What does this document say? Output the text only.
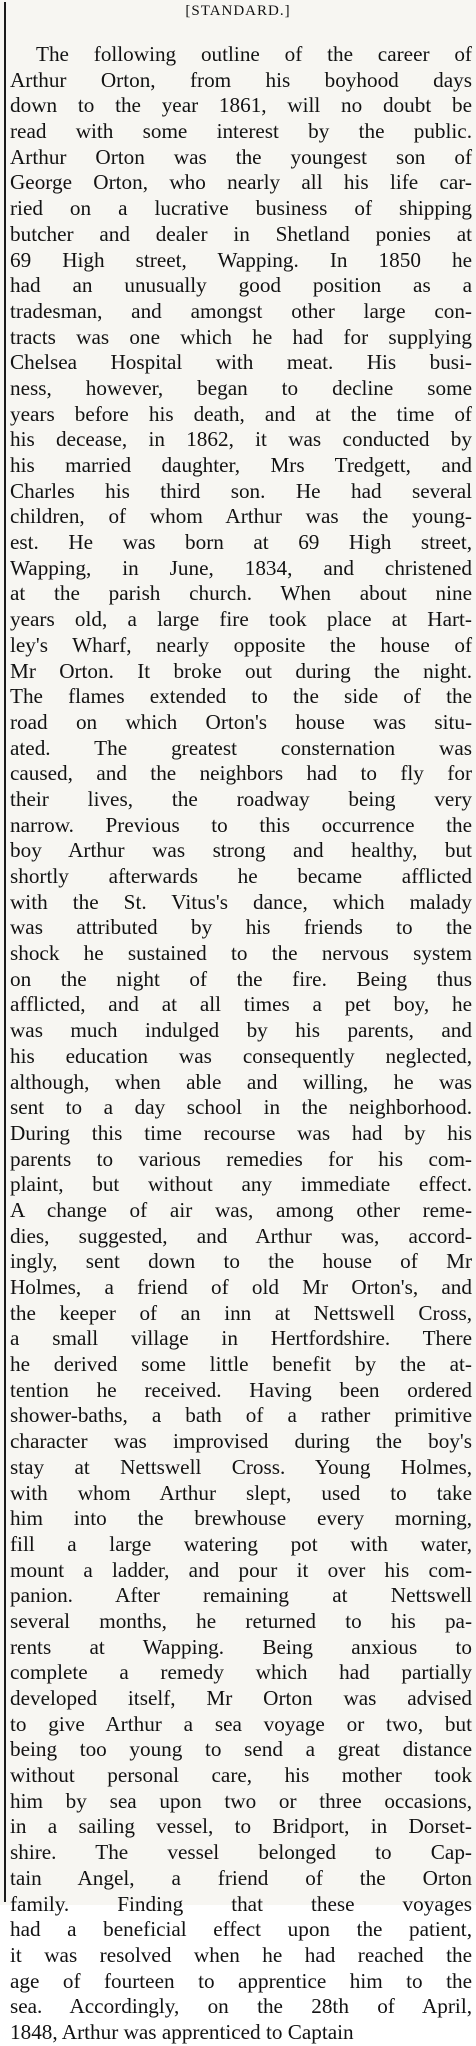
[STANDARD.]
The following outline of the career of
Arthur Orton, from his boyhood days
down to the year 1861, will no doubt be
read with some interest by the public.
Arthur Orton was the youngest son of
George Orton, who nearly all his life car-
ried on a lucrative business of shipping
butcher and dealer in Shetland ponies at
69 High street, Wapping. In 1850 he
had an unusually good position as a
tradesman, and amongst other large con-
tracts was one which he had for supplying
Chelsea Hospital with meat. His busi-
ness, however, began to decline some
years before his death, and at the time of
his decease, in 1862, it was conducted by
his married daughter, Mrs Tredgett, and
Charles his third son. He had several
children, of whom Arthur was the young-
est. He was born at 69 High street,
Wapping, in June, 1834, and christened
at the parish church. When about nine
years old, a large fire took place at Hart-
ley's Wharf, nearly opposite the house of
Mr Orton. It broke out during the night.
The flames extended to the side of the
road on which Orton's house was situ-
ated. The greatest consternation was
caused, and the neighbors had to fly for
their lives, the roadway being very
narrow. Previous to this occurrence the
boy Arthur was strong and healthy, but
shortly afterwards he became afflicted
with the St. Vitus's dance, which malady
was attributed by his friends to the
shock he sustained to the nervous system
on the night of the fire. Being thus
afflicted, and at all times a pet boy, he
was much indulged by his parents, and
his education was consequently neglected,
although, when able and willing, he was
sent to a day school in the neighborhood.
During this time recourse was had by his
parents to various remedies for his com-
plaint, but without any immediate effect.
A change of air was, among other reme-
dies, suggested, and Arthur was, accord-
ingly, sent down to the house of Mr
Holmes, a friend of old Mr Orton's, and
the keeper of an inn at Nettswell Cross,
a small village in Hertfordshire. There
he derived some little benefit by the at-
tention he received. Having been ordered
shower-baths, a bath of a rather primitive
character was improvised during the boy's
stay at Nettswell Cross. Young Holmes,
with whom Arthur slept, used to take
him into the brewhouse every morning,
fill a large watering pot with water,
mount a ladder, and pour it over his com-
panion. After remaining at Nettswell
several months, he returned to his pa-
rents at Wapping. Being anxious to
complete a remedy which had partially
developed itself, Mr Orton was advised
to give Arthur a sea voyage or two, but
being too young to send a great distance
without personal care, his mother took
him by sea upon two or three occasions,
in a sailing vessel, to Bridport, in Dorset-
shire. The vessel belonged to Cap-
tain Angel, a friend of the Orton
family. Finding that these voyages
had a beneficial effect upon the patient,
it was resolved when he had reached the
age of fourteen to apprentice him to the
sea. Accordingly, on the 28th of April,
1848, Arthur was apprenticed to Captain
